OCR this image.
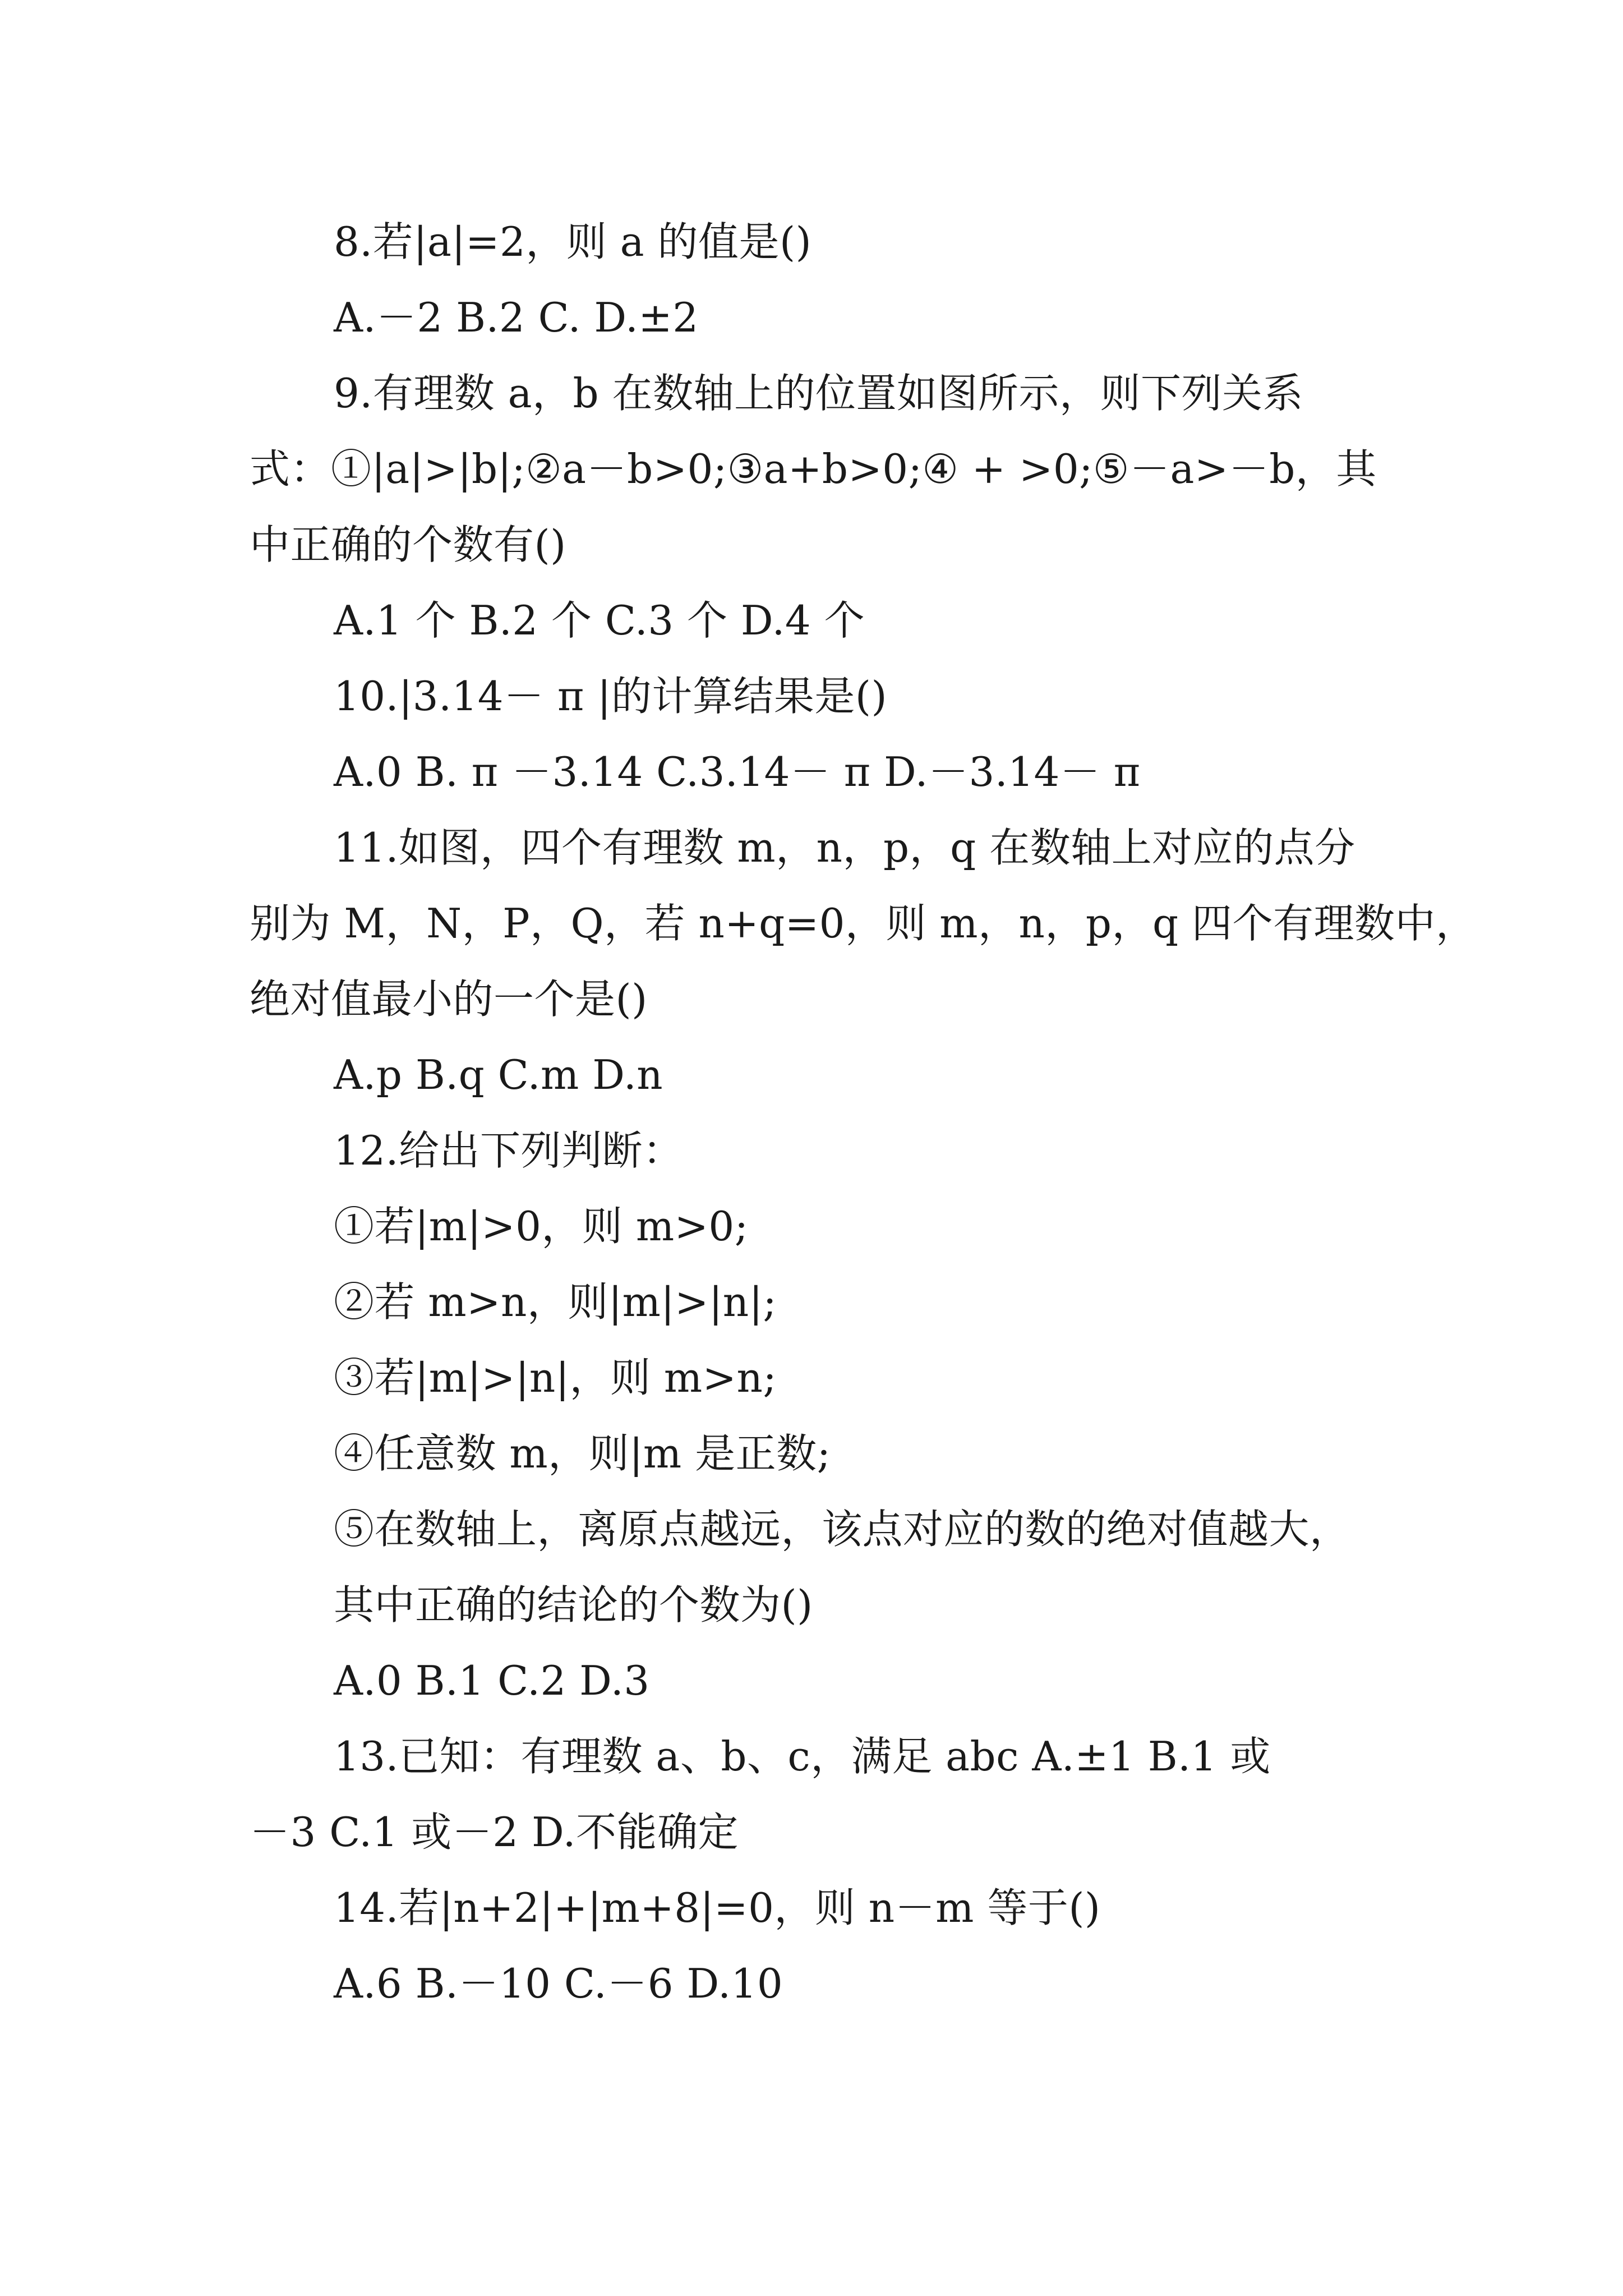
8.若|a|=2，则 a 的值是()
A.－2 B.2 C. D.±2
9.有理数 a，b 在数轴上的位置如图所示，则下列关系
式：①|a|>|b|;②a－b>0;③a+b>0;④ + >0;⑤－a>－b，其
中正确的个数有()
A.1 个 B.2 个 C.3 个 D.4 个
10.|3.14－ π |的计算结果是()
A.0 B. π －3.14 C.3.14－ π D.－3.14－ π
11.如图，四个有理数 m，n，p，q 在数轴上对应的点分
别为 M，N，P，Q，若 n+q=0，则 m，n，p，q 四个有理数中，
绝对值最小的一个是()
A.p B.q C.m D.n
12.给出下列判断：
①若|m|>0，则 m>0;
②若 m>n，则|m|>|n|;
③若|m|>|n|，则 m>n;
④任意数 m，则|m 是正数;
⑤在数轴上，离原点越远，该点对应的数的绝对值越大，
其中正确的结论的个数为()
A.0 B.1 C.2 D.3
13.已知：有理数 a、b、c，满足 abc A.±1 B.1 或
－3 C.1 或－2 D.不能确定
14.若|n+2|+|m+8|=0，则 n－m 等于()
A.6 B.－10 C.－6 D.10
